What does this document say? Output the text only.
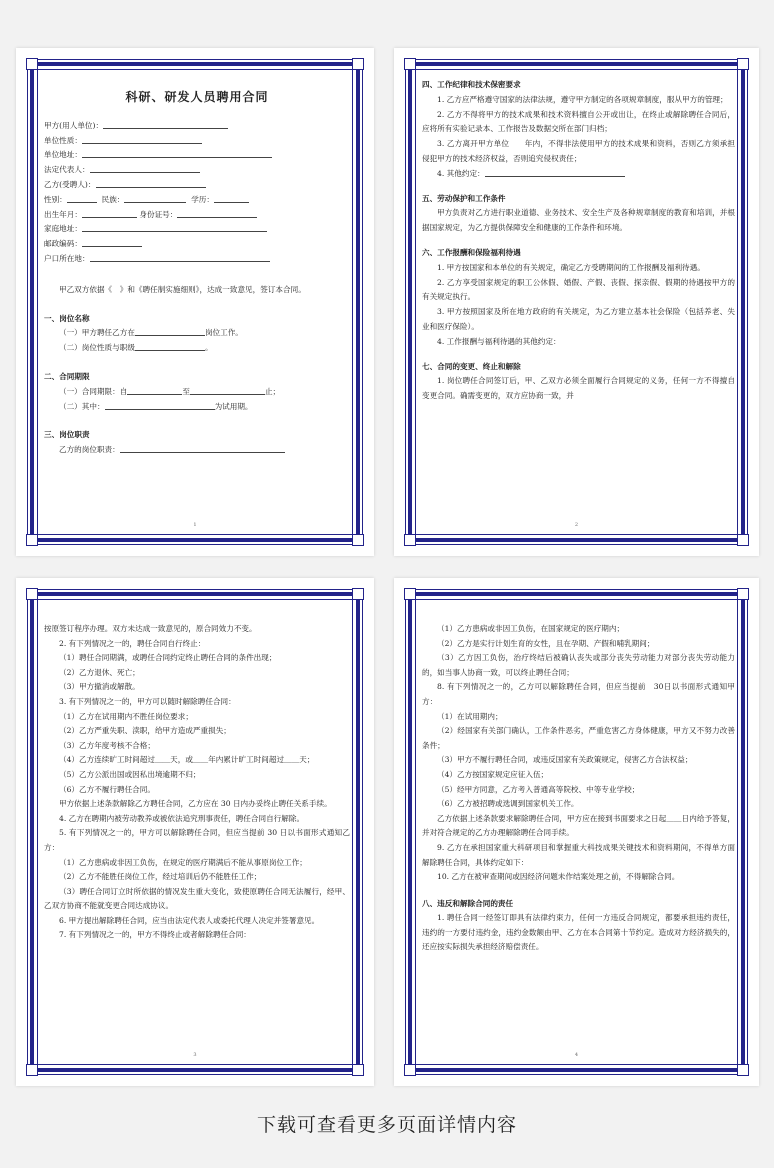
科研、研发人员聘用合同

甲方(用人单位)：

单位性质：

单位地址：

法定代表人：

乙方(受聘人)：

性别：	民族：	学历：

出生年月：	身份证号：

家庭地址：

邮政编码：

户口所在地：

甲乙双方依据《　》和《聘任制实施细则》，达成一致意见，签订本合同。

一、岗位名称

（一）甲方聘任乙方在	岗位工作。

（二）岗位性质与职级	。

二、合同期限

（一）合同期限：自	至	止；

（二）其中：	为试用期。

三、岗位职责

乙方的岗位职责：

1
四、工作纪律和技术保密要求

1. 乙方应严格遵守国家的法律法规，遵守甲方制定的各项规章制度，服从甲方的管理；

2. 乙方不得将甲方的技术成果和技术资料擅自公开或出让，在终止或解除聘任合同后，应将所有实验记录本、工作报告及数据交所在部门归档；

3. 乙方离开甲方单位　　年内，不得非法使用甲方的技术成果和资料，否则乙方须承担侵犯甲方的技术经济权益，否则追究侵权责任；

4. 其他约定：

五、劳动保护和工作条件

甲方负责对乙方进行职业道德、业务技术、安全生产及各种规章制度的教育和培训，并根据国家规定，为乙方提供保障安全和健康的工作条件和环境。

六、工作报酬和保险福利待遇

1. 甲方按国家和本单位的有关规定，确定乙方受聘期间的工作报酬及福利待遇。

2. 乙方享受国家规定的职工公休假、婚假、产假、丧假、探亲假、假期的待遇按甲方的有关规定执行。

3. 甲方按照国家及所在地方政府的有关规定，为乙方建立基本社会保险（包括养老、失业和医疗保险）。

4. 工作报酬与福利待遇的其他约定：

七、合同的变更、终止和解除

1. 岗位聘任合同签订后，甲、乙双方必须全面履行合同规定的义务，任何一方不得擅自变更合同。确需变更的，双方应协商一致，并

2

按原签订程序办理。双方未达成一致意见的，原合同效力不变。

2. 有下列情况之一的，聘任合同自行终止：

（1）聘任合同期满，或聘任合同约定终止聘任合同的条件出现；

（2）乙方退休、死亡；

（3）甲方撤消或解散。

3. 有下列情况之一的，甲方可以随时解除聘任合同：

（1）乙方在试用期内不胜任岗位要求；

（2）乙方严重失职、渎职，给甲方造成严重损失；

（3）乙方年度考核不合格；

（4）乙方连续旷工时间超过＿＿天，或＿＿年内累计旷工时间超过＿＿天；

（5）乙方公派出国或因私出境逾期不归；

（6）乙方不履行聘任合同。

甲方依据上述条款解除乙方聘任合同，乙方应在 30 日内办妥终止聘任关系手续。

4. 乙方在聘期内被劳动教养或被依法追究刑事责任，聘任合同自行解除。

5. 有下列情况之一的，甲方可以解除聘任合同，但应当提前 30 日以书面形式通知乙方：

（1）乙方患病或非因工负伤，在规定的医疗期满后不能从事原岗位工作；

（2）乙方不能胜任岗位工作，经过培训后仍不能胜任工作；

（3）聘任合同订立时所依据的情况发生重大变化，致使原聘任合同无法履行，经甲、乙双方协商不能就变更合同达成协议。

6. 甲方提出解除聘任合同，应当由法定代表人或委托代理人决定并签署意见。

7. 有下列情况之一的，甲方不得终止或者解除聘任合同：

3

（1）乙方患病或非因工负伤，在国家规定的医疗期内；

（2）乙方是实行计划生育的女性，且在孕期、产假和哺乳期间；

（3）乙方因工负伤，治疗终结后被确认丧失或部分丧失劳动能力对部分丧失劳动能力的，如当事人协商一致，可以终止聘任合同；

8. 有下列情况之一的，乙方可以解除聘任合同，但应当提前　30日以书面形式通知甲方：

（1）在试用期内；

（2）经国家有关部门确认，工作条件恶劣，严重危害乙方身体健康，甲方又不努力改善条件；

（3）甲方不履行聘任合同，或违反国家有关政策规定，侵害乙方合法权益；

（4）乙方按国家规定应征入伍；

（5）经甲方同意，乙方考入普通高等院校、中等专业学校；

（6）乙方被招聘或选调到国家机关工作。

乙方依据上述条款要求解除聘任合同，甲方应在接到书面要求之日起＿＿日内给予答复，并对符合规定的乙方办理解除聘任合同手续。

9. 乙方在承担国家重大科研项目和掌握重大科技成果关键技术和资料期间，不得单方面解除聘任合同，具体约定如下：

10. 乙方在被审查期间或因经济问题未作结案处理之前，不得解除合同。

八、违反和解除合同的责任

1. 聘任合同一经签订即具有法律约束力，任何一方违反合同规定，都要承担违约责任，违约的一方要付违约金，违约金数额由甲、乙方在本合同第十节约定。造成对方经济损失的，还应按实际损失承担经济赔偿责任。

4
下载可查看更多页面详情内容
